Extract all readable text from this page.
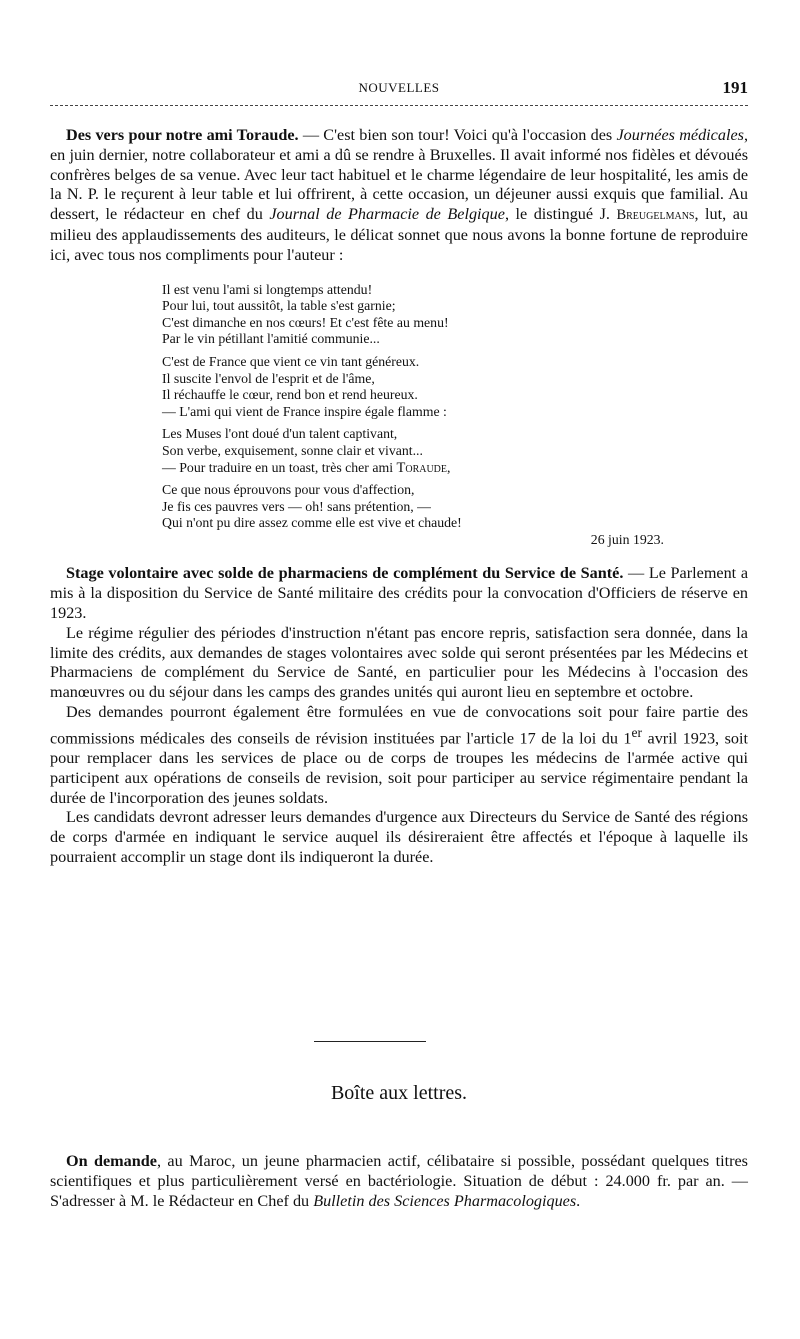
NOUVELLES	191

Des vers pour notre ami Toraude. — C'est bien son tour! Voici qu'à l'occasion des Journées médicales, en juin dernier, notre collaborateur et ami a dû se rendre à Bruxelles. Il avait informé nos fidèles et dévoués confrères belges de sa venue. Avec leur tact habituel et le charme légendaire de leur hospitalité, les amis de la N. P. le reçurent à leur table et lui offrirent, à cette occasion, un déjeuner aussi exquis que familial. Au dessert, le rédacteur en chef du Journal de Pharmacie de Belgique, le distingué J. Breugelmans, lut, au milieu des applaudissements des auditeurs, le délicat sonnet que nous avons la bonne fortune de reproduire ici, avec tous nos compliments pour l'auteur :

Il est venu l'ami si longtemps attendu!
Pour lui, tout aussitôt, la table s'est garnie;
C'est dimanche en nos cœurs! Et c'est fête au menu!
Par le vin pétillant l'amitié communie...
C'est de France que vient ce vin tant généreux.
Il suscite l'envol de l'esprit et de l'âme,
Il réchauffe le cœur, rend bon et rend heureux.
— L'ami qui vient de France inspire égale flamme :
Les Muses l'ont doué d'un talent captivant,
Son verbe, exquisement, sonne clair et vivant...
— Pour traduire en un toast, très cher ami Toraude,
Ce que nous éprouvons pour vous d'affection,
Je fis ces pauvres vers — oh! sans prétention, —
Qui n'ont pu dire assez comme elle est vive et chaude!
26 juin 1923.

Stage volontaire avec solde de pharmaciens de complément du Service de Santé. — Le Parlement a mis à la disposition du Service de Santé militaire des crédits pour la convocation d'Officiers de réserve en 1923.

Le régime régulier des périodes d'instruction n'étant pas encore repris, satisfaction sera donnée, dans la limite des crédits, aux demandes de stages volontaires avec solde qui seront présentées par les Médecins et Pharmaciens de complément du Service de Santé, en particulier pour les Médecins à l'occasion des manœuvres ou du séjour dans les camps des grandes unités qui auront lieu en septembre et octobre.

Des demandes pourront également être formulées en vue de convocations soit pour faire partie des commissions médicales des conseils de révision instituées par l'article 17 de la loi du 1er avril 1923, soit pour remplacer dans les services de place ou de corps de troupes les médecins de l'armée active qui participent aux opérations de conseils de revision, soit pour participer au service régimentaire pendant la durée de l'incorporation des jeunes soldats.

Les candidats devront adresser leurs demandes d'urgence aux Directeurs du Service de Santé des régions de corps d'armée en indiquant le service auquel ils désireraient être affectés et l'époque à laquelle ils pourraient accomplir un stage dont ils indiqueront la durée.

Boîte aux lettres.

On demande, au Maroc, un jeune pharmacien actif, célibataire si possible, possédant quelques titres scientifiques et plus particulièrement versé en bactériologie. Situation de début : 24.000 fr. par an. — S'adresser à M. le Rédacteur en Chef du Bulletin des Sciences Pharmacologiques.
